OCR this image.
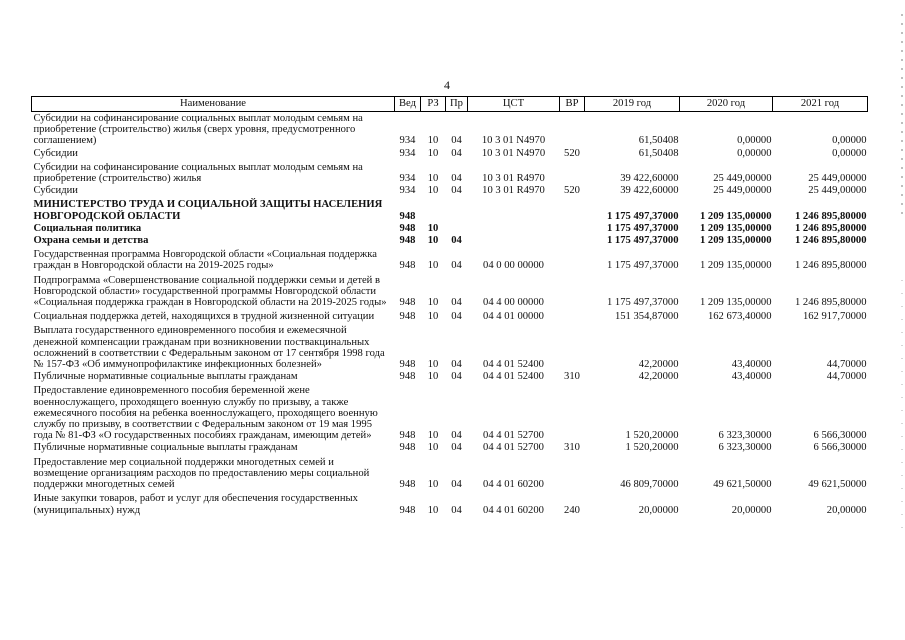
4
Наименование	Вед	РЗ	Пр	ЦСТ	ВР	2019 год	2020 год	2021 год
Субсидии на софинансирование социальных выплат молодым семьям на приобретение (строительство) жилья (сверх уровня, предусмотренного соглашением)	934	10	04	10 3 01 N4970		61,50408	0,00000	0,00000
Субсидии	934	10	04	10 3 01 N4970	520	61,50408	0,00000	0,00000
Субсидии на софинансирование социальных выплат молодым семьям на приобретение (строительство) жилья	934	10	04	10 3 01 R4970		39 422,60000	25 449,00000	25 449,00000
Субсидии	934	10	04	10 3 01 R4970	520	39 422,60000	25 449,00000	25 449,00000
МИНИСТЕРСТВО ТРУДА И СОЦИАЛЬНОЙ ЗАЩИТЫ НАСЕЛЕНИЯ НОВГОРОДСКОЙ ОБЛАСТИ	948					1 175 497,37000	1 209 135,00000	1 246 895,80000
Социальная политика	948	10				1 175 497,37000	1 209 135,00000	1 246 895,80000
Охрана семьи и детства	948	10	04			1 175 497,37000	1 209 135,00000	1 246 895,80000
Государственная программа Новгородской области «Социальная поддержка граждан в Новгородской области на 2019-2025 годы»	948	10	04	04 0 00 00000		1 175 497,37000	1 209 135,00000	1 246 895,80000
Подпрограмма «Совершенствование социальной поддержки семьи и детей в Новгородской области» государственной программы Новгородской области «Социальная поддержка граждан в Новгородской области на 2019-2025 годы»	948	10	04	04 4 00 00000		1 175 497,37000	1 209 135,00000	1 246 895,80000
Социальная поддержка детей, находящихся в трудной жизненной ситуации	948	10	04	04 4 01 00000		151 354,87000	162 673,40000	162 917,70000
Выплата государственного единовременного пособия и ежемесячной денежной компенсации гражданам при возникновении поствакцинальных осложнений в соответствии с Федеральным законом от 17 сентября 1998 года № 157-ФЗ «Об иммунопрофилактике инфекционных болезней»	948	10	04	04 4 01 52400		42,20000	43,40000	44,70000
Публичные нормативные социальные выплаты гражданам	948	10	04	04 4 01 52400	310	42,20000	43,40000	44,70000
Предоставление единовременного пособия беременной жене военнослужащего, проходящего военную службу по призыву, а также ежемесячного пособия на ребенка военнослужащего, проходящего военную службу по призыву, в соответствии с Федеральным законом от 19 мая 1995 года № 81-ФЗ «О государственных пособиях гражданам, имеющим детей»	948	10	04	04 4 01 52700		1 520,20000	6 323,30000	6 566,30000
Публичные нормативные социальные выплаты гражданам	948	10	04	04 4 01 52700	310	1 520,20000	6 323,30000	6 566,30000
Предоставление мер социальной поддержки многодетных семей и возмещение организациям расходов по предоставлению меры социальной поддержки многодетных семей	948	10	04	04 4 01 60200		46 809,70000	49 621,50000	49 621,50000
Иные закупки товаров, работ и услуг для обеспечения государственных (муниципальных) нужд	948	10	04	04 4 01 60200	240	20,00000	20,00000	20,00000
